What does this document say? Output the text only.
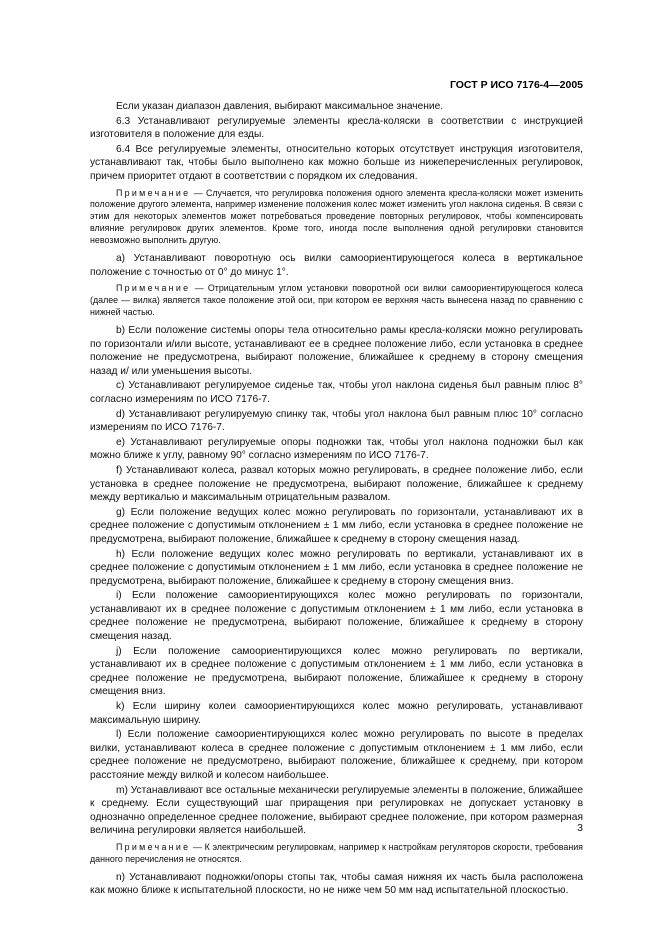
ГОСТ Р ИСО 7176-4—2005

Если указан диапазон давления, выбирают максимальное значение.

6.3 Устанавливают регулируемые элементы кресла-коляски в соответствии с инструкцией изготовителя в положение для езды.

6.4 Все регулируемые элементы, относительно которых отсутствует инструкция изготовителя, устанавливают так, чтобы было выполнено как можно больше из нижеперечисленных регулировок, причем приоритет отдают в соответствии с порядком их следования.

Примечание — Случается, что регулировка положения одного элемента кресла-коляски может изменить положение другого элемента, например изменение положения колес может изменить угол наклона сиденья. В связи с этим для некоторых элементов может потребоваться проведение повторных регулировок, чтобы компенсировать влияние регулировок других элементов. Кроме того, иногда после выполнения одной регулировки становится невозможно выполнить другую.

a) Устанавливают поворотную ось вилки самоориентирующегося колеса в вертикальное положение с точностью от 0° до минус 1°.

Примечание — Отрицательным углом установки поворотной оси вилки самоориентирующегося колеса (далее — вилка) является такое положение этой оси, при котором ее верхняя часть вынесена назад по сравнению с нижней частью.

b) Если положение системы опоры тела относительно рамы кресла-коляски можно регулировать по горизонтали и/или высоте, устанавливают ее в среднее положение либо, если установка в среднее положение не предусмотрена, выбирают положение, ближайшее к среднему в сторону смещения назад и/ или уменьшения высоты.

c) Устанавливают регулируемое сиденье так, чтобы угол наклона сиденья был равным плюс 8° согласно измерениям по ИСО 7176-7.

d) Устанавливают регулируемую спинку так, чтобы угол наклона был равным плюс 10° согласно измерениям по ИСО 7176-7.

e) Устанавливают регулируемые опоры подножки так, чтобы угол наклона подножки был как можно ближе к углу, равному 90° согласно измерениям по ИСО 7176-7.

f) Устанавливают колеса, развал которых можно регулировать, в среднее положение либо, если установка в среднее положение не предусмотрена, выбирают положение, ближайшее к среднему между вертикалью и максимальным отрицательным развалом.

g) Если положение ведущих колес можно регулировать по горизонтали, устанавливают их в среднее положение с допустимым отклонением ± 1 мм либо, если установка в среднее положение не предусмотрена, выбирают положение, ближайшее к среднему в сторону смещения назад.

h) Если положение ведущих колес можно регулировать по вертикали, устанавливают их в среднее положение с допустимым отклонением ± 1 мм либо, если установка в среднее положение не предусмотрена, выбирают положение, ближайшее к среднему в сторону смещения вниз.

i) Если положение самоориентирующихся колес можно регулировать по горизонтали, устанавливают их в среднее положение с допустимым отклонением ± 1 мм либо, если установка в среднее положение не предусмотрена, выбирают положение, ближайшее к среднему в сторону смещения назад.

j) Если положение самоориентирующихся колес можно регулировать по вертикали, устанавливают их в среднее положение с допустимым отклонением ± 1 мм либо, если установка в среднее положение не предусмотрена, выбирают положение, ближайшее к среднему в сторону смещения вниз.

k) Если ширину колеи самоориентирующихся колес можно регулировать, устанавливают максимальную ширину.

l) Если положение самоориентирующихся колес можно регулировать по высоте в пределах вилки, устанавливают колеса в среднее положение с допустимым отклонением ± 1 мм либо, если среднее положение не предусмотрено, выбирают положение, ближайшее к среднему, при котором расстояние между вилкой и колесом наибольшее.

m) Устанавливают все остальные механически регулируемые элементы в положение, ближайшее к среднему. Если существующий шаг приращения при регулировках не допускает установку в однозначно определенное среднее положение, выбирают среднее положение, при котором размерная величина регулировки является наибольшей.

Примечание — К электрическим регулировкам, например к настройкам регуляторов скорости, требования данного перечисления не относятся.

n) Устанавливают подножки/опоры стопы так, чтобы самая нижняя их часть была расположена как можно ближе к испытательной плоскости, но не ниже чем 50 мм над испытательной плоскостью.

3
